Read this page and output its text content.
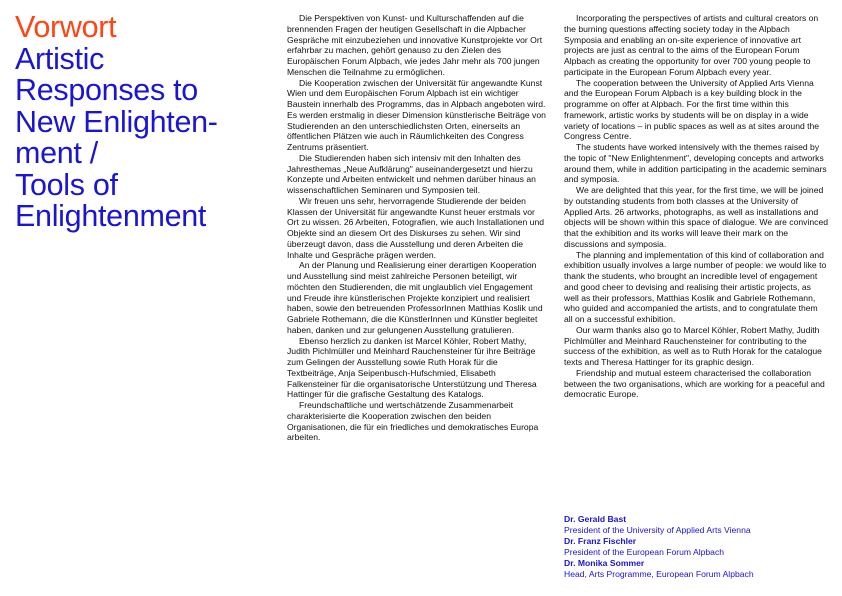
Vorwort
Artistic
Responses to
New Enlighten-
ment /
Tools of
Enlightenment

Die Perspektiven von Kunst- und Kulturschaffenden auf die brennenden Fragen der heutigen Gesellschaft in die Alpbacher Gespräche mit einzubeziehen und innovative Kunstprojekte vor Ort erfahrbar zu machen, gehört genauso zu den Zielen des Europäischen Forum Alpbach, wie jedes Jahr mehr als 700 jungen Menschen die Teilnahme zu ermöglichen.

Die Kooperation zwischen der Universität für angewandte Kunst Wien und dem Europäischen Forum Alpbach ist ein wichtiger Baustein innerhalb des Programms, das in Alpbach angeboten wird. Es werden erstmalig in dieser Dimension künstlerische Beiträge von Studierenden an den unterschiedlichsten Orten, einerseits an öffentlichen Plätzen wie auch in Räumlichkeiten des Congress Zentrums präsentiert.

Die Studierenden haben sich intensiv mit den Inhalten des Jahresthemas „Neue Aufklärung" auseinandergesetzt und hierzu Konzepte und Arbeiten entwickelt und nehmen darüber hinaus an wissenschaftlichen Seminaren und Symposien teil.

Wir freuen uns sehr, hervorragende Studierende der beiden Klassen der Universität für angewandte Kunst heuer erstmals vor Ort zu wissen. 26 Arbeiten, Fotografien, wie auch Installationen und Objekte sind an diesem Ort des Diskurses zu sehen. Wir sind überzeugt davon, dass die Ausstellung und deren Arbeiten die Inhalte und Gespräche prägen werden.

An der Planung und Realisierung einer derartigen Kooperation und Ausstellung sind meist zahlreiche Personen beteiligt, wir möchten den Studierenden, die mit unglaublich viel Engagement und Freude ihre künstlerischen Projekte konzipiert und realisiert haben, sowie den betreuenden ProfessorInnen Matthias Koslik und Gabriele Rothemann, die die KünstlerInnen und Künstler begleitet haben, danken und zur gelungenen Ausstellung gratulieren.

Ebenso herzlich zu danken ist Marcel Köhler, Robert Mathy, Judith Pichlmüller und Meinhard Rauchensteiner für ihre Beiträge zum Gelingen der Ausstellung sowie Ruth Horak für die Textbeiträge, Anja Seipenbusch-Hufschmied, Elisabeth Falkensteiner für die organisatorische Unterstützung und Theresa Hattinger für die grafische Gestaltung des Katalogs.

Freundschaftliche und wertschätzende Zusammenarbeit charakterisierte die Kooperation zwischen den beiden Organisationen, die für ein friedliches und demokratisches Europa arbeiten.

Incorporating the perspectives of artists and cultural creators on the burning questions affecting society today in the Alpbach Symposia and enabling an on-site experience of innovative art projects are just as central to the aims of the European Forum Alpbach as creating the opportunity for over 700 young people to participate in the European Forum Alpbach every year.

The cooperation between the University of Applied Arts Vienna and the European Forum Alpbach is a key building block in the programme on offer at Alpbach. For the first time within this framework, artistic works by students will be on display in a wide variety of locations – in public spaces as well as at sites around the Congress Centre.

The students have worked intensively with the themes raised by the topic of "New Enlightenment", developing concepts and artworks around them, while in addition participating in the academic seminars and symposia.

We are delighted that this year, for the first time, we will be joined by outstanding students from both classes at the University of Applied Arts. 26 artworks, photographs, as well as installations and objects will be shown within this space of dialogue. We are convinced that the exhibition and its works will leave their mark on the discussions and symposia.

The planning and implementation of this kind of collaboration and exhibition usually involves a large number of people: we would like to thank the students, who brought an incredible level of engagement and good cheer to devising and realising their artistic projects, as well as their professors, Matthias Koslik and Gabriele Rothemann, who guided and accompanied the artists, and to congratulate them all on a successful exhibition.

Our warm thanks also go to Marcel Köhler, Robert Mathy, Judith Pichlmüller and Meinhard Rauchensteiner for contributing to the success of the exhibition, as well as to Ruth Horak for the catalogue texts and Theresa Hattinger for its graphic design.

Friendship and mutual esteem characterised the collaboration between the two organisations, which are working for a peaceful and democratic Europe.

Dr. Gerald Bast
President of the University of Applied Arts Vienna
Dr. Franz Fischler
President of the European Forum Alpbach
Dr. Monika Sommer
Head, Arts Programme, European Forum Alpbach
